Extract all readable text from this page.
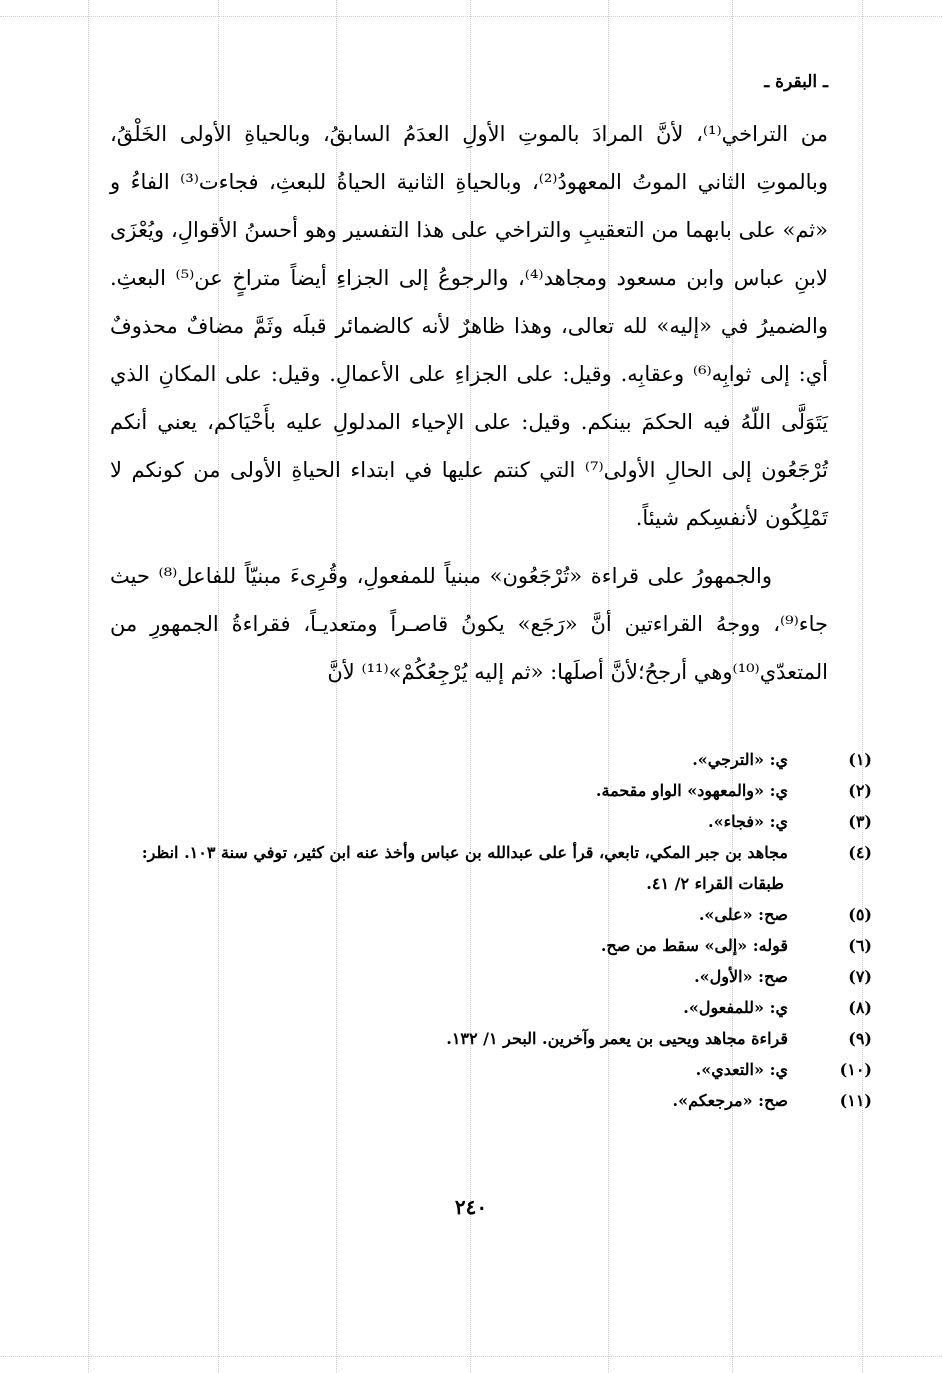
ـ البقرة ـ

من التراخي⁽¹⁾، لأنَّ المرادَ بالموتِ الأولِ العدَمُ السابقُ، وبالحياةِ الأولى الخَلْقُ، وبالموتِ الثاني الموتُ المعهودُ⁽²⁾، وبالحياةِ الثانية الحياةُ للبعثِ، فجاءت⁽³⁾ الفاءُ و «ثم» على بابهما من التعقيبِ والتراخي على هذا التفسير وهو أحسنُ الأقوالِ، ويُعْزَى لابنِ عباس وابن مسعود ومجاهد⁽⁴⁾، والرجوعُ إلى الجزاءِ أيضاً متراخٍ عن⁽⁵⁾ البعثِ. والضميرُ في «إليه» لله تعالى، وهذا ظاهرٌ لأنه كالضمائر قبلَه وثَمَّ مضافٌ محذوفٌ أي: إلى ثوابِه⁽⁶⁾ وعقابِه. وقيل: على الجزاءِ على الأعمالِ. وقيل: على المكانِ الذي يَتَوَلَّى اللّهُ فيه الحكمَ بينكم. وقيل: على الإحياء المدلولِ عليه بأَحْيَاكم، يعني أنكم تُرْجَعُون إلى الحالِ الأولى⁽⁷⁾ التي كنتم عليها في ابتداء الحياةِ الأولى من كونكم لا تَمْلِكُون لأنفسِكم شيئاً.

والجمهورُ على قراءة «تُرْجَعُون» مبنياً للمفعولِ، وقُرِىءَ مبنيّاً للفاعل⁽⁸⁾ حيث جاء⁽⁹⁾، ووجهُ القراءتين أنَّ «رَجَع» يكونُ قاصـراً ومتعديـاً، فقراءةُ الجمهورِ من المتعدّي⁽¹⁰⁾وهي أرجحُ؛لأنَّ أصلَها: «ثم إليه يُرْجِعُكُمْ»⁽¹¹⁾ لأنَّ

(١)ي: «الترجي».
(٢)ي: «والمعهود» الواو مقحمة.
(٣)ي: «فجاء».
(٤)مجاهد بن جبر المكي، تابعي، قرأ على عبدالله بن عباس وأخذ عنه ابن كثير، توفي سنة ١٠٣. انظر: طبقات القراء ٢/ ٤١.
(٥)صح: «على».
(٦)قوله: «إلى» سقط من صح.
(٧)صح: «الأول».
(٨)ي: «للمفعول».
(٩)قراءة مجاهد ويحيى بن يعمر وآخرين. البحر ١/ ١٣٢.
(١٠)ي: «التعدي».
(١١)صح: «مرجعكم».
٢٤٠
